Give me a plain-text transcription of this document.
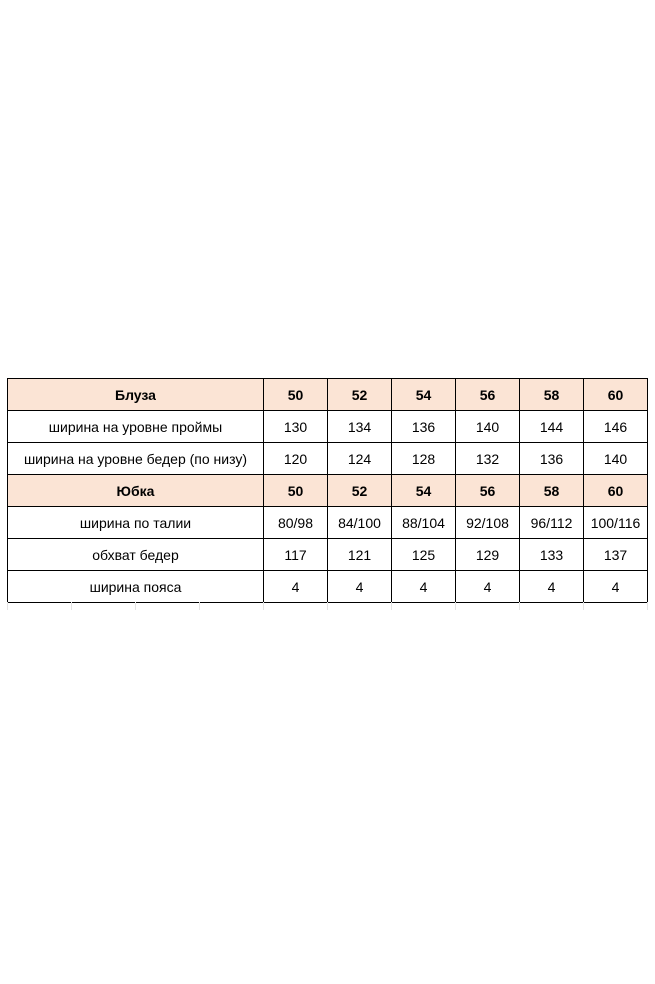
Блуза	50	52	54	56	58	60
ширина на уровне проймы	130	134	136	140	144	146
ширина на уровне бедер (по низу)	120	124	128	132	136	140
Юбка	50	52	54	56	58	60
ширина по талии	80/98	84/100	88/104	92/108	96/112	100/116
обхват бедер	117	121	125	129	133	137
ширина пояса	4	4	4	4	4	4
